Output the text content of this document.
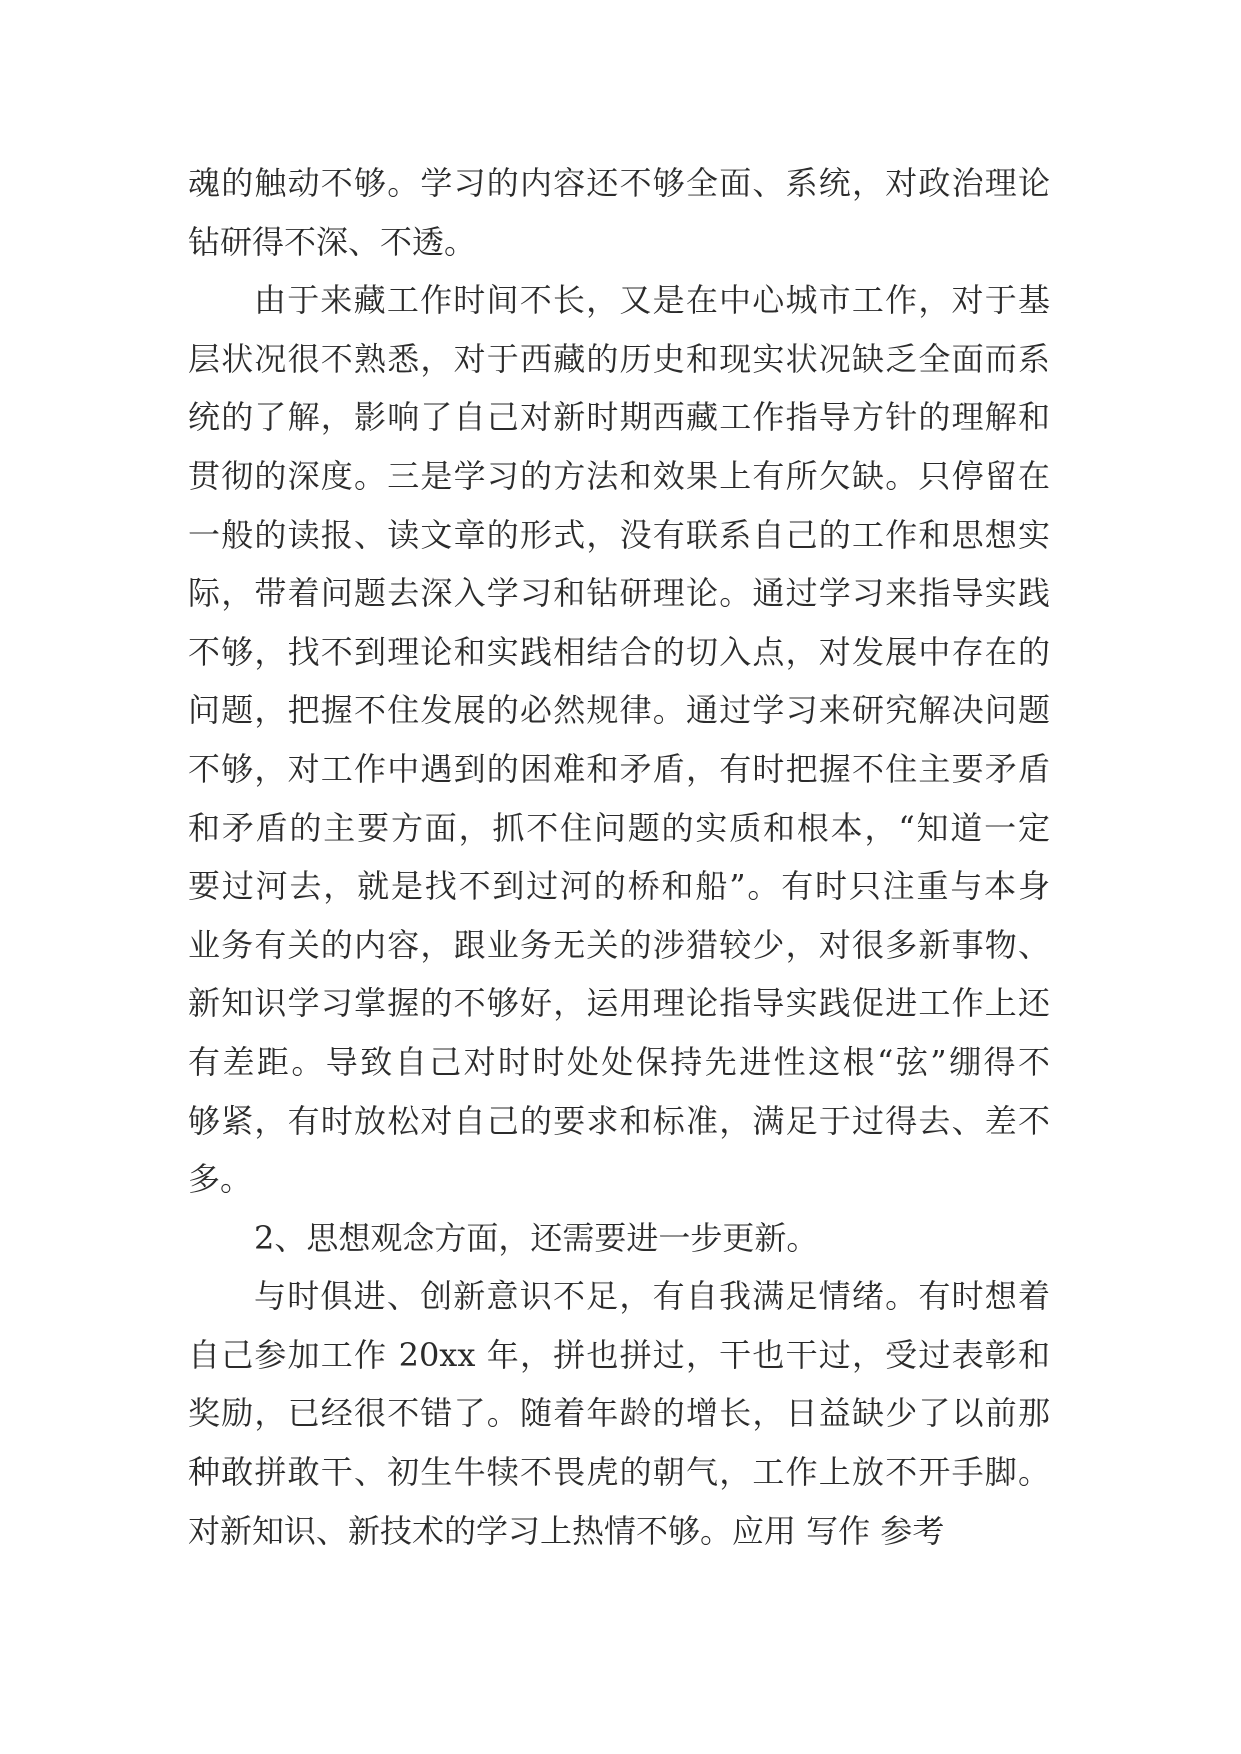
魂的触动不够。学习的内容还不够全面、系统，对政治理论
钻研得不深、不透。
由于来藏工作时间不长，又是在中心城市工作，对于基
层状况很不熟悉，对于西藏的历史和现实状况缺乏全面而系
统的了解，影响了自己对新时期西藏工作指导方针的理解和
贯彻的深度。三是学习的方法和效果上有所欠缺。只停留在
一般的读报、读文章的形式，没有联系自己的工作和思想实
际，带着问题去深入学习和钻研理论。通过学习来指导实践
不够，找不到理论和实践相结合的切入点，对发展中存在的
问题，把握不住发展的必然规律。通过学习来研究解决问题
不够，对工作中遇到的困难和矛盾，有时把握不住主要矛盾
和矛盾的主要方面，抓不住问题的实质和根本，“知道一定
要过河去，就是找不到过河的桥和船”。有时只注重与本身
业务有关的内容，跟业务无关的涉猎较少，对很多新事物、
新知识学习掌握的不够好，运用理论指导实践促进工作上还
有差距。导致自己对时时处处保持先进性这根“弦”绷得不
够紧，有时放松对自己的要求和标准，满足于过得去、差不
多。
2、思想观念方面，还需要进一步更新。
与时俱进、创新意识不足，有自我满足情绪。有时想着
自己参加工作 20xx 年，拼也拼过，干也干过，受过表彰和
奖励，已经很不错了。随着年龄的增长，日益缺少了以前那
种敢拼敢干、初生牛犊不畏虎的朝气，工作上放不开手脚。
对新知识、新技术的学习上热情不够。应用 写作 参考
